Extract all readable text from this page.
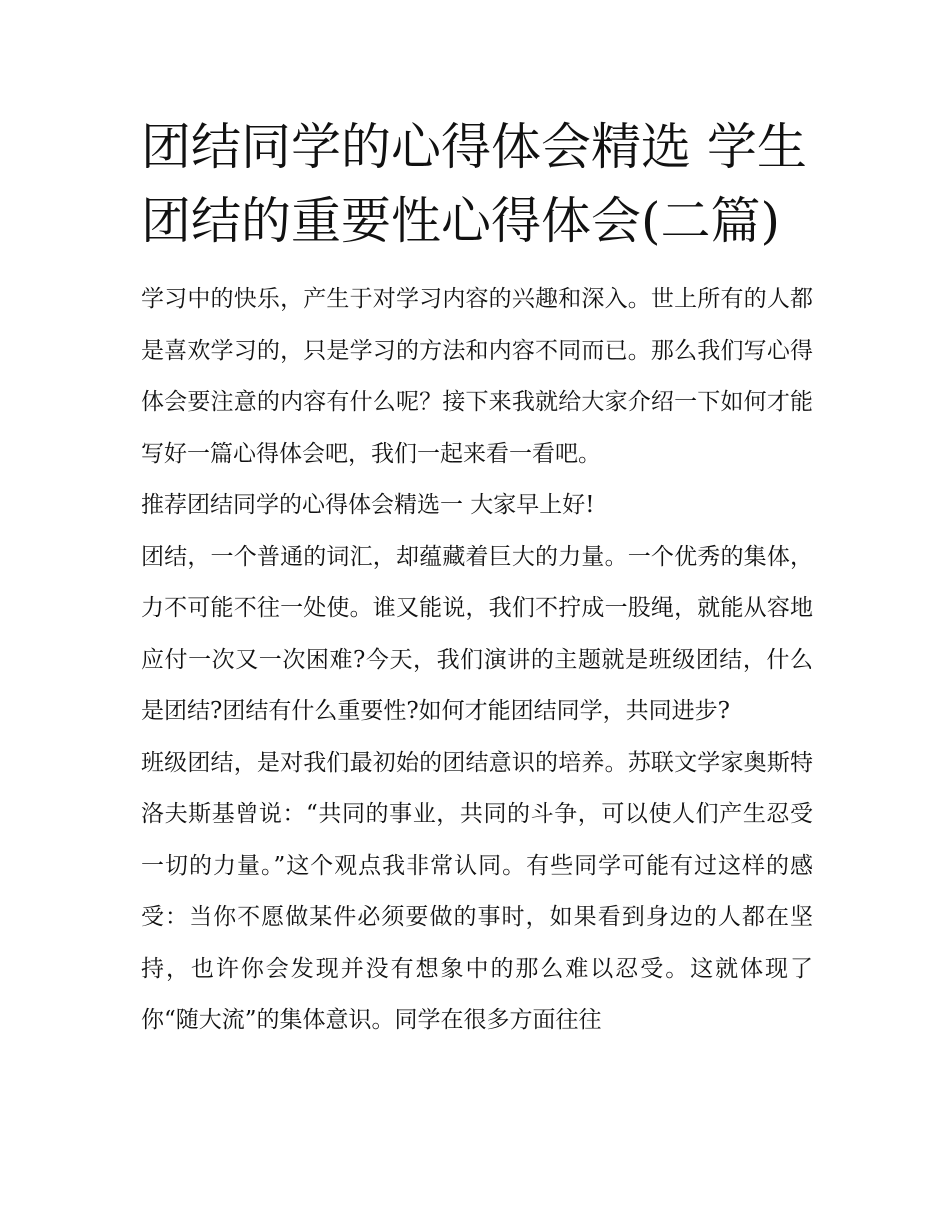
团结同学的心得体会精选 学生团结的重要性心得体会(二篇)

学习中的快乐，产生于对学习内容的兴趣和深入。世上所有的人都是喜欢学习的，只是学习的方法和内容不同而已。那么我们写心得体会要注意的内容有什么呢？接下来我就给大家介绍一下如何才能写好一篇心得体会吧，我们一起来看一看吧。

推荐团结同学的心得体会精选一 大家早上好!

团结，一个普通的词汇，却蕴藏着巨大的力量。一个优秀的集体，力不可能不往一处使。谁又能说，我们不拧成一股绳，就能从容地应付一次又一次困难?今天，我们演讲的主题就是班级团结，什么是团结?团结有什么重要性?如何才能团结同学，共同进步?

班级团结，是对我们最初始的团结意识的培养。苏联文学家奥斯特洛夫斯基曾说：“共同的事业，共同的斗争，可以使人们产生忍受一切的力量。”这个观点我非常认同。有些同学可能有过这样的感受：当你不愿做某件必须要做的事时，如果看到身边的人都在坚持，也许你会发现并没有想象中的那么难以忍受。这就体现了你“随大流”的集体意识。同学在很多方面往往
